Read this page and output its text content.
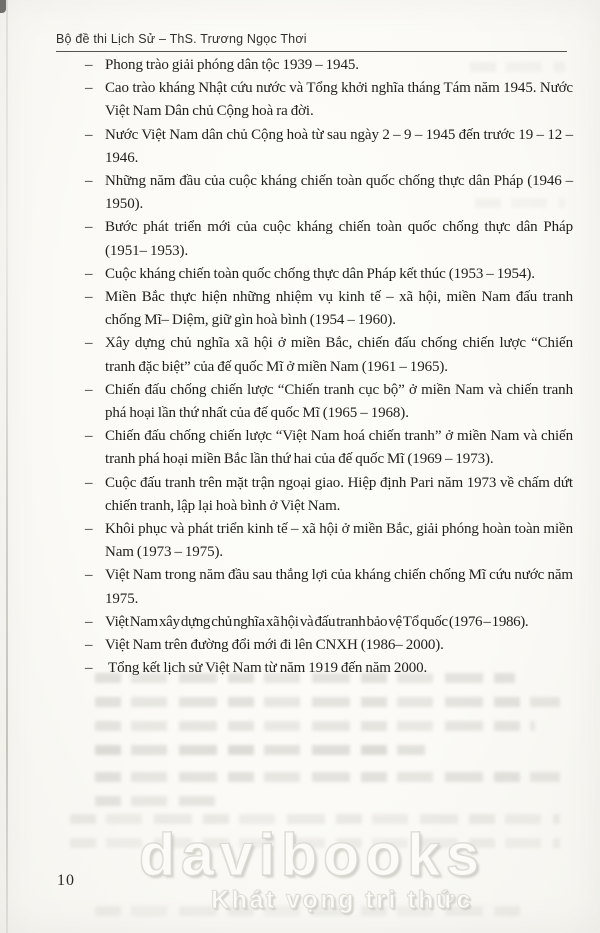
Bộ đề thi Lịch Sử – ThS. Trương Ngọc Thơi
– Phong trào giải phóng dân tộc 1939 – 1945.
– Cao trào kháng Nhật cứu nước và Tổng khởi nghĩa tháng Tám năm 1945. Nước Việt Nam Dân chủ Cộng hoà ra đời.
– Nước Việt Nam dân chủ Cộng hoà từ sau ngày 2 – 9 – 1945 đến trước 19 – 12 – 1946.
– Những năm đầu của cuộc kháng chiến toàn quốc chống thực dân Pháp (1946 – 1950).
– Bước phát triển mới của cuộc kháng chiến toàn quốc chống thực dân Pháp (1951– 1953).
– Cuộc kháng chiến toàn quốc chống thực dân Pháp kết thúc (1953 – 1954).
– Miền Bắc thực hiện những nhiệm vụ kinh tế – xã hội, miền Nam đấu tranh chống Mĩ– Diệm, giữ gìn hoà bình (1954 – 1960).
– Xây dựng chủ nghĩa xã hội ở miền Bắc, chiến đấu chống chiến lược “Chiến tranh đặc biệt” của đế quốc Mĩ ở miền Nam (1961 – 1965).
– Chiến đấu chống chiến lược “Chiến tranh cục bộ” ở miền Nam và chiến tranh phá hoại lần thứ nhất của đế quốc Mĩ (1965 – 1968).
– Chiến đấu chống chiến lược “Việt Nam hoá chiến tranh” ở miền Nam và chiến tranh phá hoại miền Bắc lần thứ hai của đế quốc Mĩ (1969 – 1973).
– Cuộc đấu tranh trên mặt trận ngoại giao. Hiệp định Pari năm 1973 về chấm dứt chiến tranh, lập lại hoà bình ở Việt Nam.
– Khôi phục và phát triển kinh tế – xã hội ở miền Bắc, giải phóng hoàn toàn miền Nam (1973 – 1975).
– Việt Nam trong năm đầu sau thắng lợi của kháng chiến chống Mĩ cứu nước năm 1975.
– Việt Nam xây dựng chủ nghĩa xã hội và đấu tranh bảo vệ Tổ quốc (1976 – 1986).
– Việt Nam trên đường đổi mới đi lên CNXH (1986– 2000).
– Tổng kết lịch sử Việt Nam từ năm 1919 đến năm 2000.
davibooks
Khát vọng tri thức
10
